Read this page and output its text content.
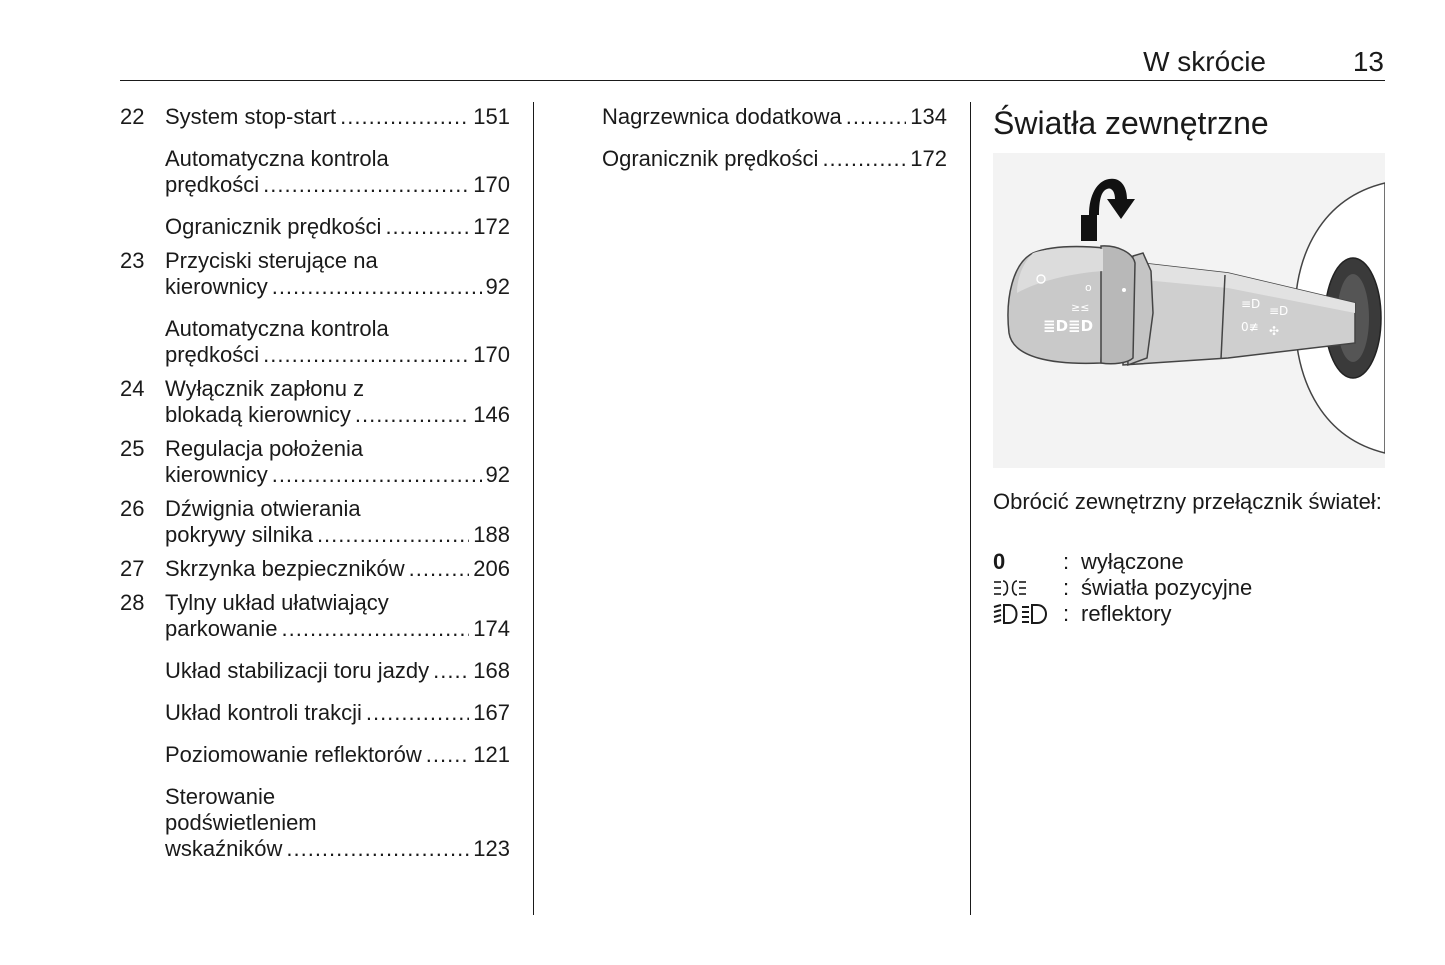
W skrócie	13
22 System stop-start .....	151
Automatyczna kontrola
prędkości .....	170
Ogranicznik prędkości .....	172
23 Przyciski sterujące na
kierownicy .....	92
Automatyczna kontrola
prędkości .....	170
24 Wyłącznik zapłonu z
blokadą kierownicy .....	146
25 Regulacja położenia
kierownicy .....	92
26 Dźwignia otwierania
pokrywy silnika .....	188
27 Skrzynka bezpieczników .....	206
28 Tylny układ ułatwiający
parkowanie .....	174
Układ stabilizacji toru jazdy ..... 168
Układ kontroli trakcji .....	167
Poziomowanie reflektorów ..... 121
Sterowanie
podświetleniem
wskaźników .....	123
Nagrzewnica dodatkowa .....	134
Ogranicznik prędkości .....	172
Światła zewnętrzne
o
≥≤
≣D≣D
≡D ≡D
0≢ ✣
Obrócić zewnętrzny przełącznik świateł:
0	: wyłączone
: światła pozycyjne
: reflektory
